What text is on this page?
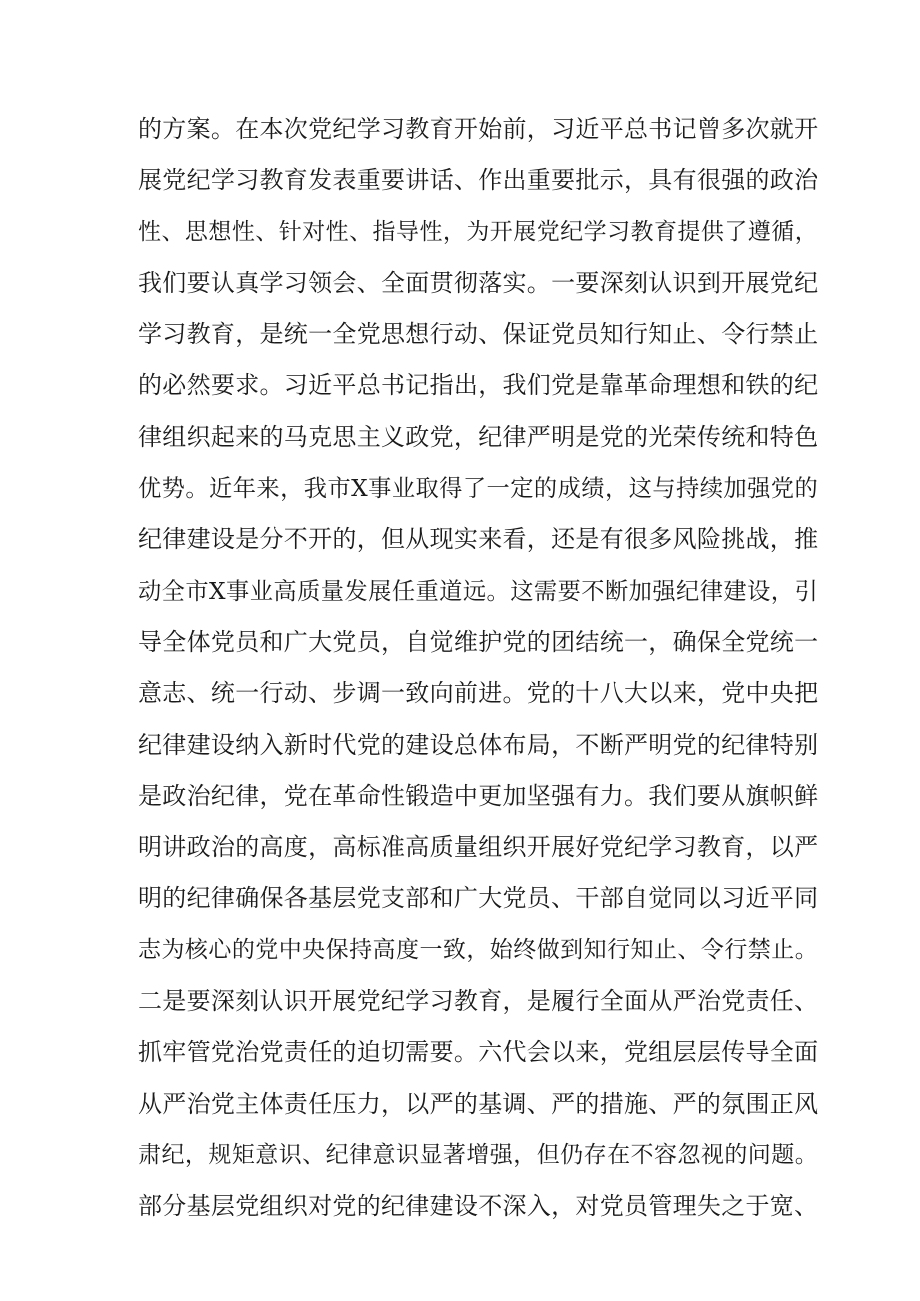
的方案。在本次党纪学习教育开始前，习近平总书记曾多次就开
展党纪学习教育发表重要讲话、作出重要批示，具有很强的政治
性、思想性、针对性、指导性，为开展党纪学习教育提供了遵循，
我们要认真学习领会、全面贯彻落实。一要深刻认识到开展党纪
学习教育，是统一全党思想行动、保证党员知行知止、令行禁止
的必然要求。习近平总书记指出，我们党是靠革命理想和铁的纪
律组织起来的马克思主义政党，纪律严明是党的光荣传统和特色
优势。近年来，我市X事业取得了一定的成绩，这与持续加强党的
纪律建设是分不开的，但从现实来看，还是有很多风险挑战，推
动全市X事业高质量发展任重道远。这需要不断加强纪律建设，引
导全体党员和广大党员，自觉维护党的团结统一，确保全党统一
意志、统一行动、步调一致向前进。党的十八大以来，党中央把
纪律建设纳入新时代党的建设总体布局，不断严明党的纪律特别
是政治纪律，党在革命性锻造中更加坚强有力。我们要从旗帜鲜
明讲政治的高度，高标准高质量组织开展好党纪学习教育，以严
明的纪律确保各基层党支部和广大党员、干部自觉同以习近平同
志为核心的党中央保持高度一致，始终做到知行知止、令行禁止。
二是要深刻认识开展党纪学习教育，是履行全面从严治党责任、
抓牢管党治党责任的迫切需要。六代会以来，党组层层传导全面
从严治党主体责任压力，以严的基调、严的措施、严的氛围正风
肃纪，规矩意识、纪律意识显著增强，但仍存在不容忽视的问题。
部分基层党组织对党的纪律建设不深入，对党员管理失之于宽、
